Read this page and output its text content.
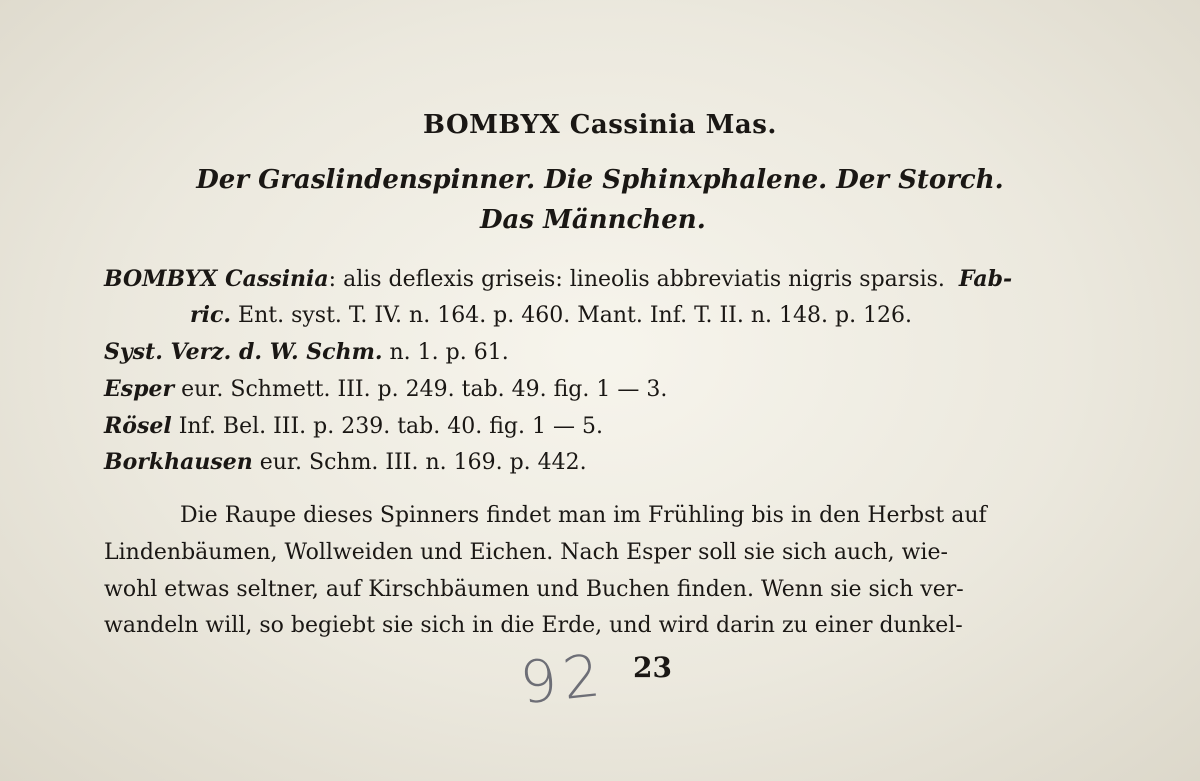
BOMBYX Cassinia Mas.
Der Graslindenspinner. Die Sphinxphalene. Der Storch.
Das Männchen.
BOMBYX Cassinia: alis deflexis griseis: lineolis abbreviatis nigris sparsis. Fab-
ric. Ent. syst. T. IV. n. 164. p. 460. Mant. Inf. T. II. n. 148. p. 126.
Syst. Verz. d. W. Schm. n. 1. p. 61.
Esper eur. Schmett. III. p. 249. tab. 49. fig. 1 — 3.
Rösel Inf. Bel. III. p. 239. tab. 40. fig. 1 — 5.
Borkhausen eur. Schm. III. n. 169. p. 442.
Die Raupe dieses Spinners findet man im Frühling bis in den Herbst auf
Lindenbäumen, Wollweiden und Eichen. Nach Esper soll sie sich auch, wie-
wohl etwas seltner, auf Kirschbäumen und Buchen finden. Wenn sie sich ver-
wandeln will, so begiebt sie sich in die Erde, und wird darin zu einer dunkel-
92 23
